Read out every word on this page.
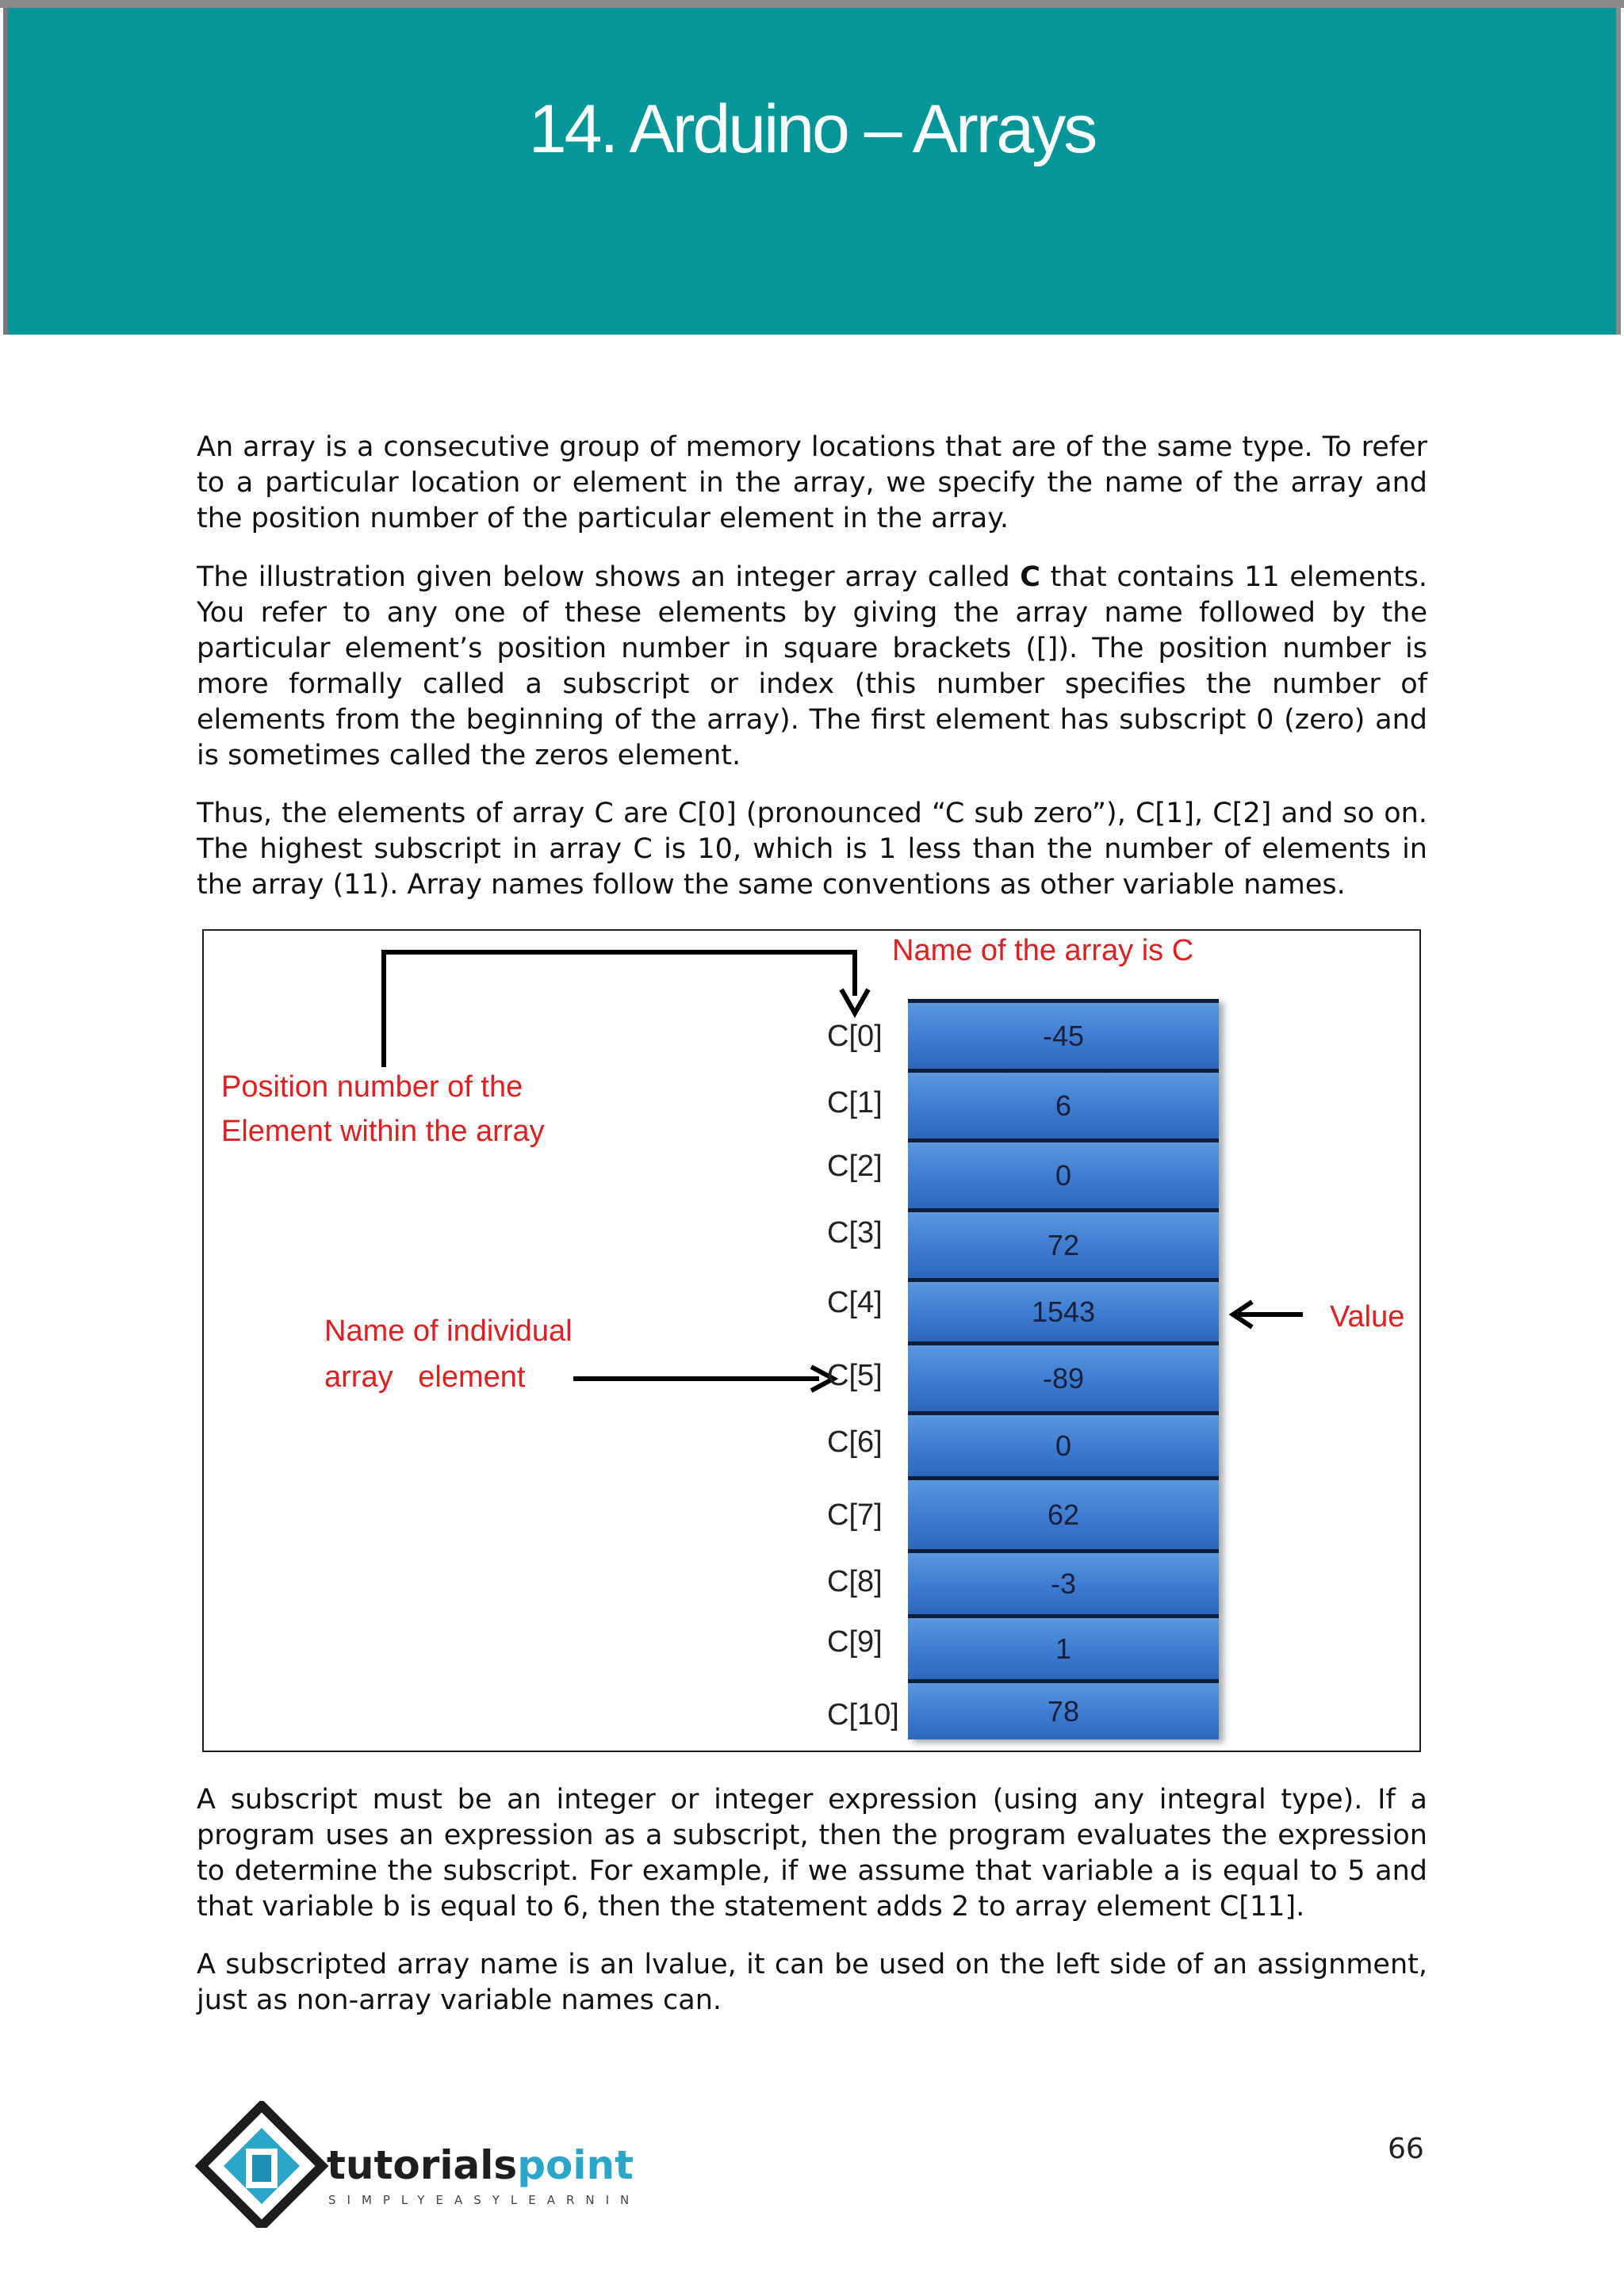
14. Arduino – Arrays

An array is a consecutive group of memory locations that are of the same type. To refer to a particular location or element in the array, we specify the name of the array and the position number of the particular element in the array.

The illustration given below shows an integer array called C that contains 11 elements. You refer to any one of these elements by giving the array name followed by the particular element’s position number in square brackets ([]). The position number is more formally called a subscript or index (this number specifies the number of elements from the beginning of the array). The first element has subscript 0 (zero) and is sometimes called the zeros element.

Thus, the elements of array C are C[0] (pronounced “C sub zero”), C[1], C[2] and so on. The highest subscript in array C is 10, which is 1 less than the number of elements in the array (11). Array names follow the same conventions as other variable names.

Name of the array is C
Position number of the
Element within the array
Name of individual
array   element
Value
C[0]
C[1]
C[2]
C[3]
C[4]
C[5]
C[6]
C[7]
C[8]
C[9]
C[10]
-45
6
0
72
1543
-89
0
62
-3
1
78

A subscript must be an integer or integer expression (using any integral type). If a program uses an expression as a subscript, then the program evaluates the expression to determine the subscript. For example, if we assume that variable a is equal to 5 and that variable b is equal to 6, then the statement adds 2 to array element C[11].

A subscripted array name is an lvalue, it can be used on the left side of an assignment, just as non-array variable names can.

tutorialspoint
SIMPLYEASYLEARNING
66
